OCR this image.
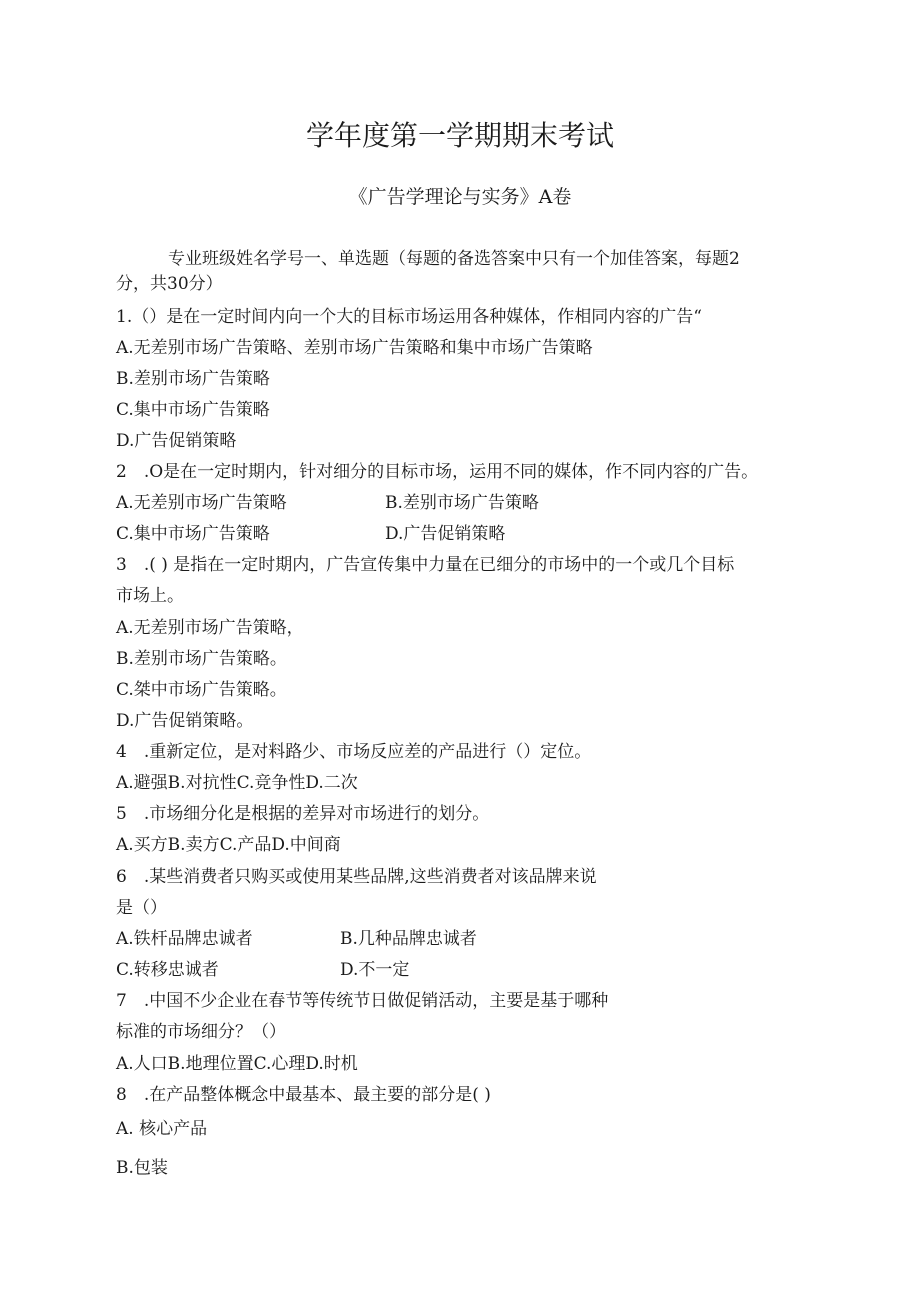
学年度第一学期期末考试
《广告学理论与实务》A卷
专业班级姓名学号一、单选题（每题的备选答案中只有一个加佳答案，每题2
分，共30分）
1.（）是在一定时间内向一个大的目标市场运用各种媒体，作相同内容的广告“
A.无差别市场广告策略、差别市场广告策略和集中市场广告策略
B.差别市场广告策略
C.集中市场广告策略
D.广告促销策略
2　.O是在一定时期内，针对细分的目标市场，运用不同的媒体，作不同内容的广告。
A.无差别市场广告策略	B.差别市场广告策略
C.集中市场广告策略	D.广告促销策略
3　.( ) 是指在一定时期内，广告宣传集中力量在已细分的市场中的一个或几个目标
市场上。
A.无差别市场广告策略，
B.差别市场广告策略。
C.桀中市场广告策略。
D.广告促销策略。
4　.重新定位，是对料路少、市场反应差的产品进行（）定位。
A.避强B.对抗性C.竞争性D.二次
5　.市场细分化是根据的差异对市场进行的划分。
A.买方B.卖方C.产品D.中间商
6　.某些消费者只购买或使用某些品牌,这些消费者对该品牌来说
是（）
A.铁杆品牌忠诚者	B.几种品牌忠诚者
C.转移忠诚者	D.不一定
7　.中国不少企业在春节等传统节日做促销活动，主要是基于哪种
标准的市场细分？（）
A.人口B.地理位置C.心理D.时机
8　.在产品整体概念中最基本、最主要的部分是( )
A. 核心产品
B.包装
